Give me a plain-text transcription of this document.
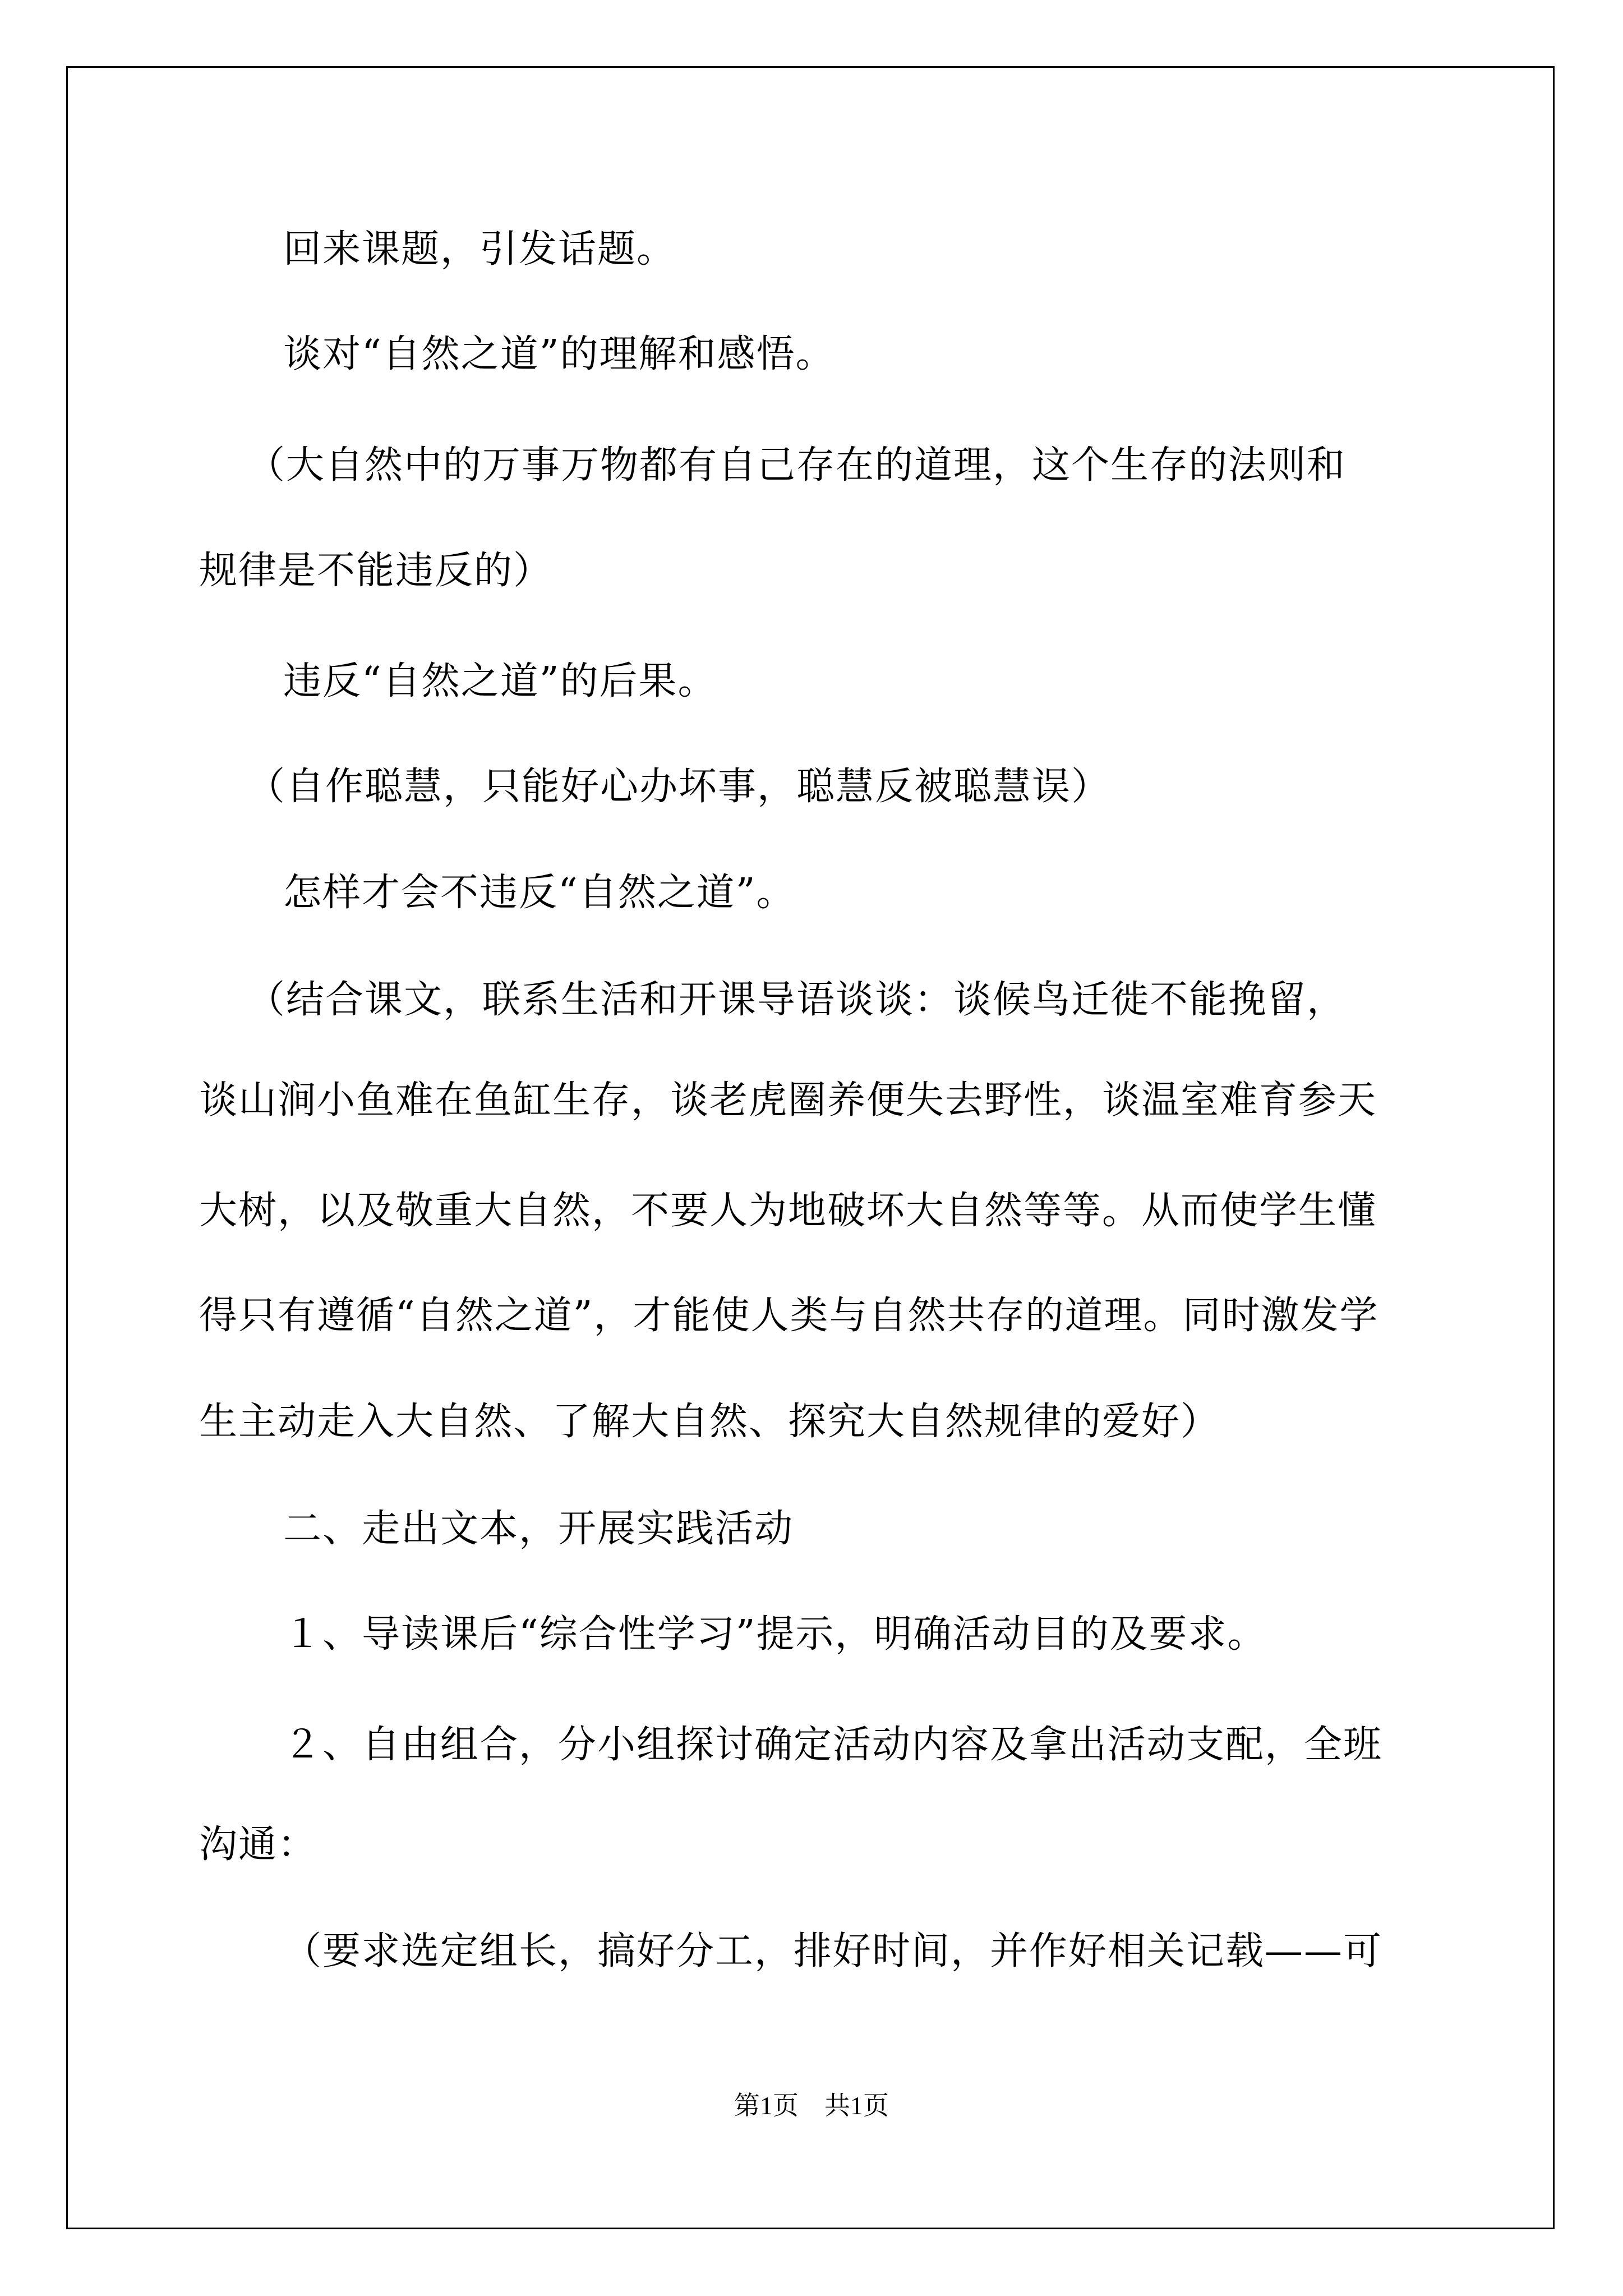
回来课题，引发话题。
谈对“自然之道”的理解和感悟。
（大自然中的万事万物都有自己存在的道理，这个生存的法则和
规律是不能违反的）
违反“自然之道”的后果。
（自作聪慧，只能好心办坏事，聪慧反被聪慧误）
怎样才会不违反“自然之道”。
（结合课文，联系生活和开课导语谈谈：谈候鸟迁徙不能挽留，
谈山涧小鱼难在鱼缸生存，谈老虎圈养便失去野性，谈温室难育参天
大树，以及敬重大自然，不要人为地破坏大自然等等。从而使学生懂
得只有遵循“自然之道”，才能使人类与自然共存的道理。同时激发学
生主动走入大自然、了解大自然、探究大自然规律的爱好）
二、走出文本，开展实践活动
１、导读课后“综合性学习”提示，明确活动目的及要求。
２、自由组合，分小组探讨确定活动内容及拿出活动支配，全班
沟通：
（要求选定组长，搞好分工，排好时间，并作好相关记载——可
第1页　共1页
